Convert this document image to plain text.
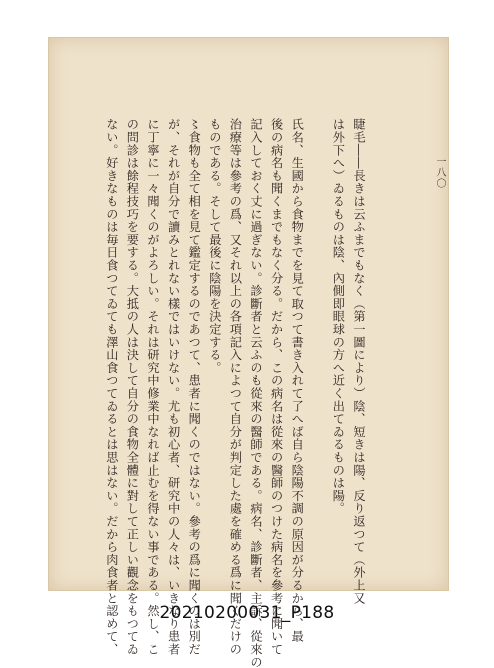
一八〇
睫毛――長きは云ふまでもなく（第一圖により）陰、短きは陽、反り返つて（外上又
は外下へ）ゐるものは陰、內側即眼球の方へ近く出てゐるものは陽。
氏名、生國から食物までを見て取つて書き入れて了へば自ら陰陽不調の原因が分るから、最
後の病名も聞くまでもなく分る。だから、この病名は從來の醫師のつけた病名を參考に聞いて
記入しておく丈に過ぎない。診斷者と云ふのも從來の醫師である。病名、診斷者、主訴、從來の
治療等は參考の爲、又それ以上の各項記入によつて自分が判定した處を確める爲に聞くだけの
ものである。そして最後に陰陽を決定する。
〻食物も全て相を見て鑑定するのであつて、患者に聞くのではない。參考の爲に聞くのは別だ
が、それが自分で讀みとれない樣ではいけない。尤も初心者、研究中の人々は、いきなり患者
に丁寧に一々聞くのがよろしい。それは研究中修業中なれば止むを得ない事である。然し、こ
の問診は餘程技巧を要する。大抵の人は決して自分の食物全體に對して正しい觀念をもつてゐ
ない。好きなものは毎日食つてゐても澤山食つてゐるとは思はない。だから肉食者と認めて、	20210200031_P188
